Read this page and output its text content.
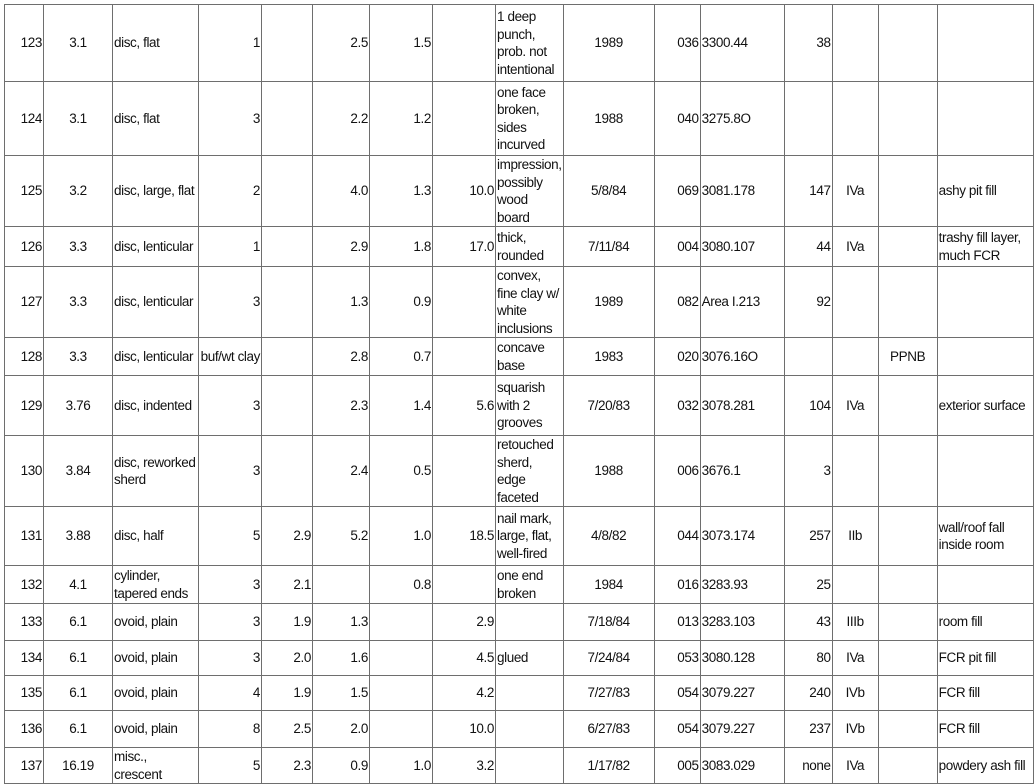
123	3.1	disc, flat	1		2.5	1.5		1 deep punch, prob. not intentional	1989	036	3300.44	38			
124	3.1	disc, flat	3		2.2	1.2		one face broken, sides incurved	1988	040	3275.8O				
125	3.2	disc, large, flat	2		4.0	1.3	10.0	impression, possibly wood board	5/8/84	069	3081.178	147	IVa		ashy pit fill
126	3.3	disc, lenticular	1		2.9	1.8	17.0	thick, rounded	7/11/84	004	3080.107	44	IVa		trashy fill layer, much FCR
127	3.3	disc, lenticular	3		1.3	0.9		convex, fine clay w/ white inclusions	1989	082	Area I.213	92			
128	3.3	disc, lenticular	buf/wt clay		2.8	0.7		concave base	1983	020	3076.16O			PPNB	
129	3.76	disc, indented	3		2.3	1.4	5.6	squarish with 2 grooves	7/20/83	032	3078.281	104	IVa		exterior surface
130	3.84	disc, reworked sherd	3		2.4	0.5		retouched sherd, edge faceted	1988	006	3676.1	3			
131	3.88	disc, half	5	2.9	5.2	1.0	18.5	nail mark, large, flat, well-fired	4/8/82	044	3073.174	257	IIb		wall/roof fall inside room
132	4.1	cylinder, tapered ends	3	2.1		0.8		one end broken	1984	016	3283.93	25			
133	6.1	ovoid, plain	3	1.9	1.3		2.9		7/18/84	013	3283.103	43	IIIb		room fill
134	6.1	ovoid, plain	3	2.0	1.6		4.5	glued	7/24/84	053	3080.128	80	IVa		FCR pit fill
135	6.1	ovoid, plain	4	1.9	1.5		4.2		7/27/83	054	3079.227	240	IVb		FCR fill
136	6.1	ovoid, plain	8	2.5	2.0		10.0		6/27/83	054	3079.227	237	IVb		FCR fill
137	16.19	misc., crescent	5	2.3	0.9	1.0	3.2		1/17/82	005	3083.029	none	IVa		powdery ash fill
